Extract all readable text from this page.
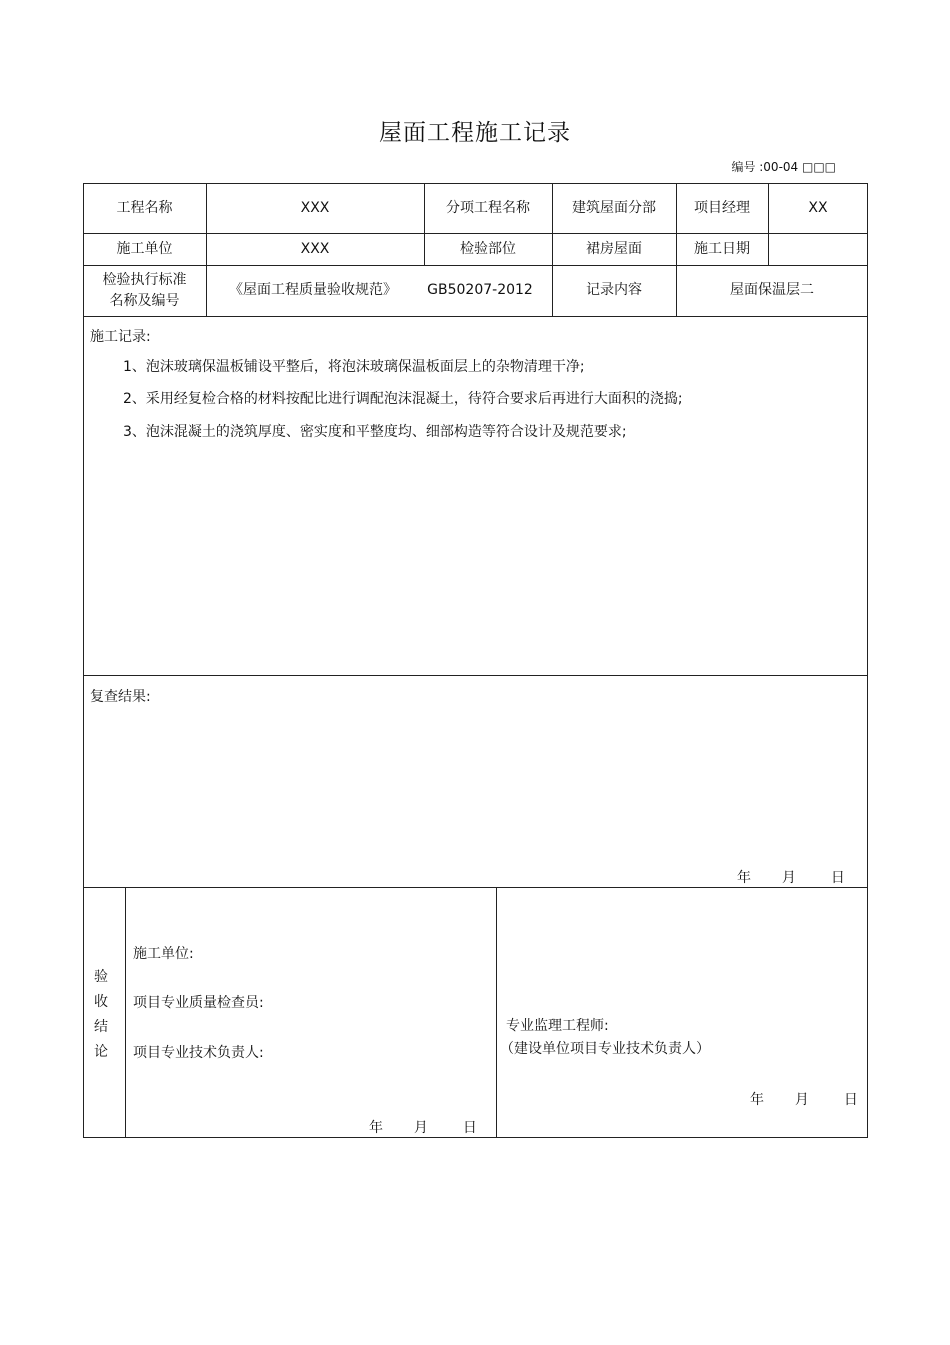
屋面工程施工记录
编号 :00-04 □□□
工程名称	XXX	分项工程名称	建筑屋面分部	项目经理	XX
施工单位	XXX	检验部位	裙房屋面	施工日期
检验执行标准
名称及编号
《屋面工程质量验收规范》	GB50207-2012	记录内容	屋面保温层二
施工记录:
1、泡沫玻璃保温板铺设平整后，将泡沫玻璃保温板面层上的杂物清理干净;
2、采用经复检合格的材料按配比进行调配泡沫混凝土，待符合要求后再进行大面积的浇捣;
3、泡沫混凝土的浇筑厚度、密实度和平整度均、细部构造等符合设计及规范要求;
复查结果:
年 月 日
验
收
结
论
施工单位:
项目专业质量检查员:
项目专业技术负责人:
年 月 日
专业监理工程师:
（建设单位项目专业技术负责人）
年 月 日
